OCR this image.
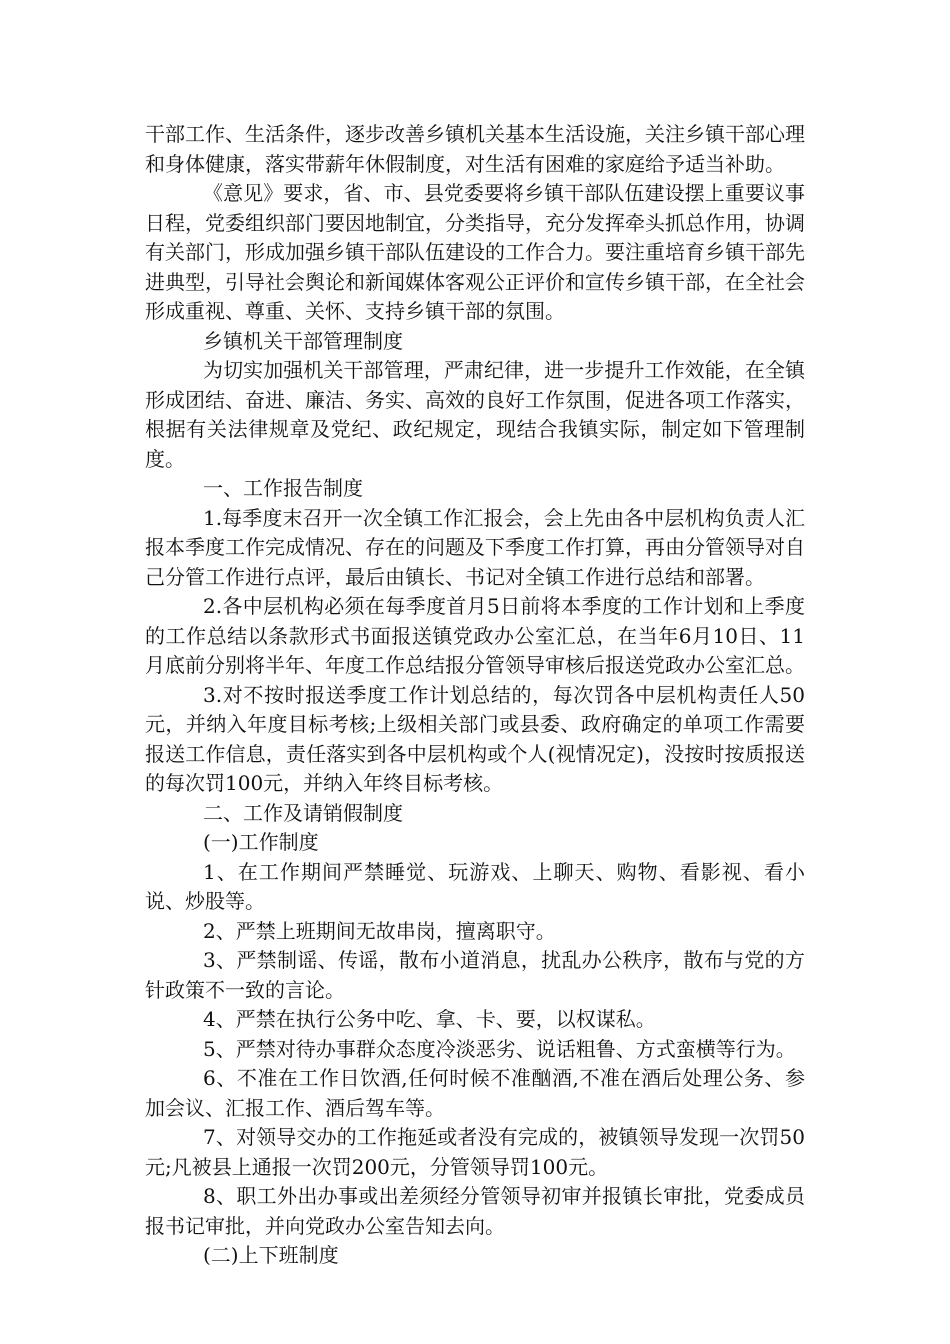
干部工作、生活条件，逐步改善乡镇机关基本生活设施，关注乡镇干部心理和身体健康，落实带薪年休假制度，对生活有困难的家庭给予适当补助。

《意见》要求，省、市、县党委要将乡镇干部队伍建设摆上重要议事日程，党委组织部门要因地制宜，分类指导，充分发挥牵头抓总作用，协调有关部门，形成加强乡镇干部队伍建设的工作合力。要注重培育乡镇干部先进典型，引导社会舆论和新闻媒体客观公正评价和宣传乡镇干部，在全社会形成重视、尊重、关怀、支持乡镇干部的氛围。

乡镇机关干部管理制度

为切实加强机关干部管理，严肃纪律，进一步提升工作效能，在全镇形成团结、奋进、廉洁、务实、高效的良好工作氛围，促进各项工作落实，根据有关法律规章及党纪、政纪规定，现结合我镇实际，制定如下管理制度。

一、工作报告制度

1.每季度末召开一次全镇工作汇报会，会上先由各中层机构负责人汇报本季度工作完成情况、存在的问题及下季度工作打算，再由分管领导对自己分管工作进行点评，最后由镇长、书记对全镇工作进行总结和部署。

2.各中层机构必须在每季度首月5日前将本季度的工作计划和上季度的工作总结以条款形式书面报送镇党政办公室汇总，在当年6月10日、11月底前分别将半年、年度工作总结报分管领导审核后报送党政办公室汇总。

3.对不按时报送季度工作计划总结的，每次罚各中层机构责任人50元，并纳入年度目标考核;上级相关部门或县委、政府确定的单项工作需要报送工作信息，责任落实到各中层机构或个人(视情况定)，没按时按质报送的每次罚100元，并纳入年终目标考核。

二、工作及请销假制度

(一)工作制度

1、在工作期间严禁睡觉、玩游戏、上聊天、购物、看影视、看小说、炒股等。

2、严禁上班期间无故串岗，擅离职守。

3、严禁制谣、传谣，散布小道消息，扰乱办公秩序，散布与党的方针政策不一致的言论。

4、严禁在执行公务中吃、拿、卡、要，以权谋私。

5、严禁对待办事群众态度冷淡恶劣、说话粗鲁、方式蛮横等行为。

6、不准在工作日饮酒,任何时候不准酗酒,不准在酒后处理公务、参加会议、汇报工作、酒后驾车等。

7、对领导交办的工作拖延或者没有完成的，被镇领导发现一次罚50元;凡被县上通报一次罚200元，分管领导罚100元。

8、职工外出办事或出差须经分管领导初审并报镇长审批，党委成员报书记审批，并向党政办公室告知去向。

(二)上下班制度
